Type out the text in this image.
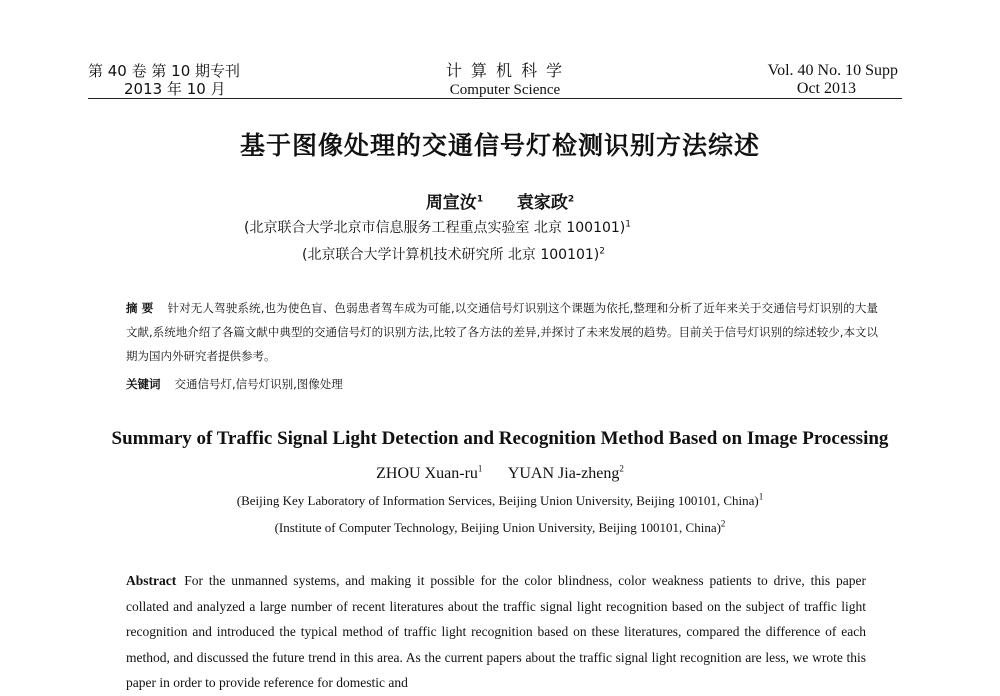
第 40 卷 第 10 期专刊
2013 年 10 月
计 算 机 科 学
Computer Science
Vol. 40 No. 10 Supp
Oct 2013
基于图像处理的交通信号灯检测识别方法综述
周宣汝$^1$ 袁家政$^2$
(北京联合大学北京市信息服务工程重点实验室 北京 100101)$^1$
(北京联合大学计算机技术研究所 北京 100101)$^2$
摘 要 针对无人驾驶系统,也为使色盲、色弱患者驾车成为可能,以交通信号灯识别这个课题为依托,整理和分析了近年来关于交通信号灯识别的大量文献,系统地介绍了各篇文献中典型的交通信号灯的识别方法,比较了各方法的差异,并探讨了未来发展的趋势。目前关于信号灯识别的综述较少,本文以期为国内外研究者提供参考。
关键词 交通信号灯,信号灯识别,图像处理
Summary of Traffic Signal Light Detection and Recognition Method Based on Image Processing
ZHOU Xuan-$ru^1$ YUAN Jia-zheng$^2$
(Beijing Key Laboratory of Information Services, Beijing Union University, Beijing 100101, China)$^1$
(Institute of Computer Technology, Beijing Union University, Beijing 100101, China)$^2$
Abstract For the unmanned systems, and making it possible for the color blindness, color weakness patients to drive, this paper collated and analyzed a large number of recent literatures about the traffic signal light recognition based on the subject of traffic light recognition and introduced the typical method of traffic light recognition based on these literatures, compared the difference of each method, and discussed the future trend in this area. As the current papers about the traffic signal light recognition are less, we wrote this paper in order to provide reference for domestic and
